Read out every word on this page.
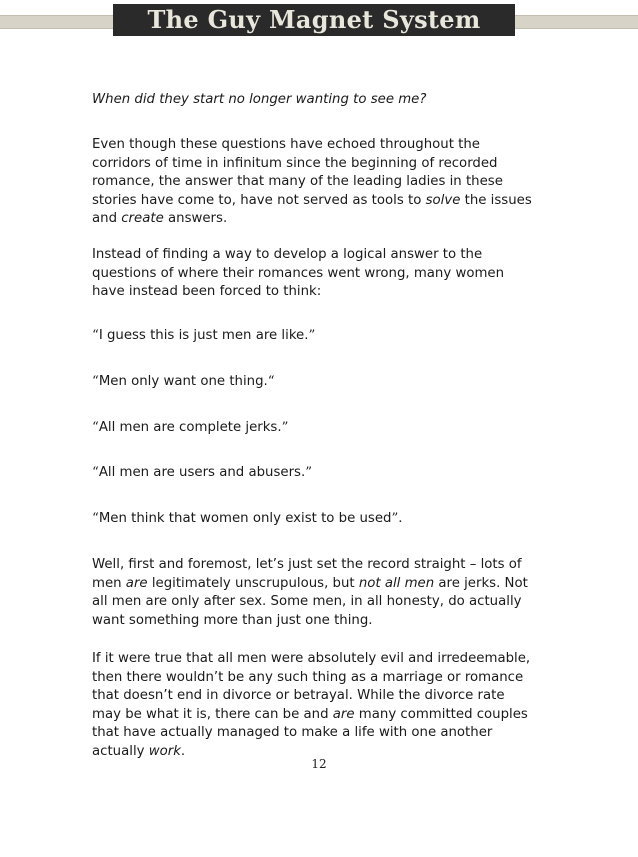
The Guy Magnet System

When did they start no longer wanting to see me?

Even though these questions have echoed throughout the corridors of time in infinitum since the beginning of recorded romance, the answer that many of the leading ladies in these stories have come to, have not served as tools to solve the issues and create answers.

Instead of finding a way to develop a logical answer to the questions of where their romances went wrong, many women have instead been forced to think:

“I guess this is just men are like.”

“Men only want one thing.“

“All men are complete jerks.”

“All men are users and abusers.”

“Men think that women only exist to be used”.

Well, first and foremost, let’s just set the record straight – lots of men are legitimately unscrupulous, but not all men are jerks. Not all men are only after sex. Some men, in all honesty, do actually want something more than just one thing.

If it were true that all men were absolutely evil and irredeemable, then there wouldn’t be any such thing as a marriage or romance that doesn’t end in divorce or betrayal. While the divorce rate may be what it is, there can be and are many committed couples that have actually managed to make a life with one another actually work.

12
